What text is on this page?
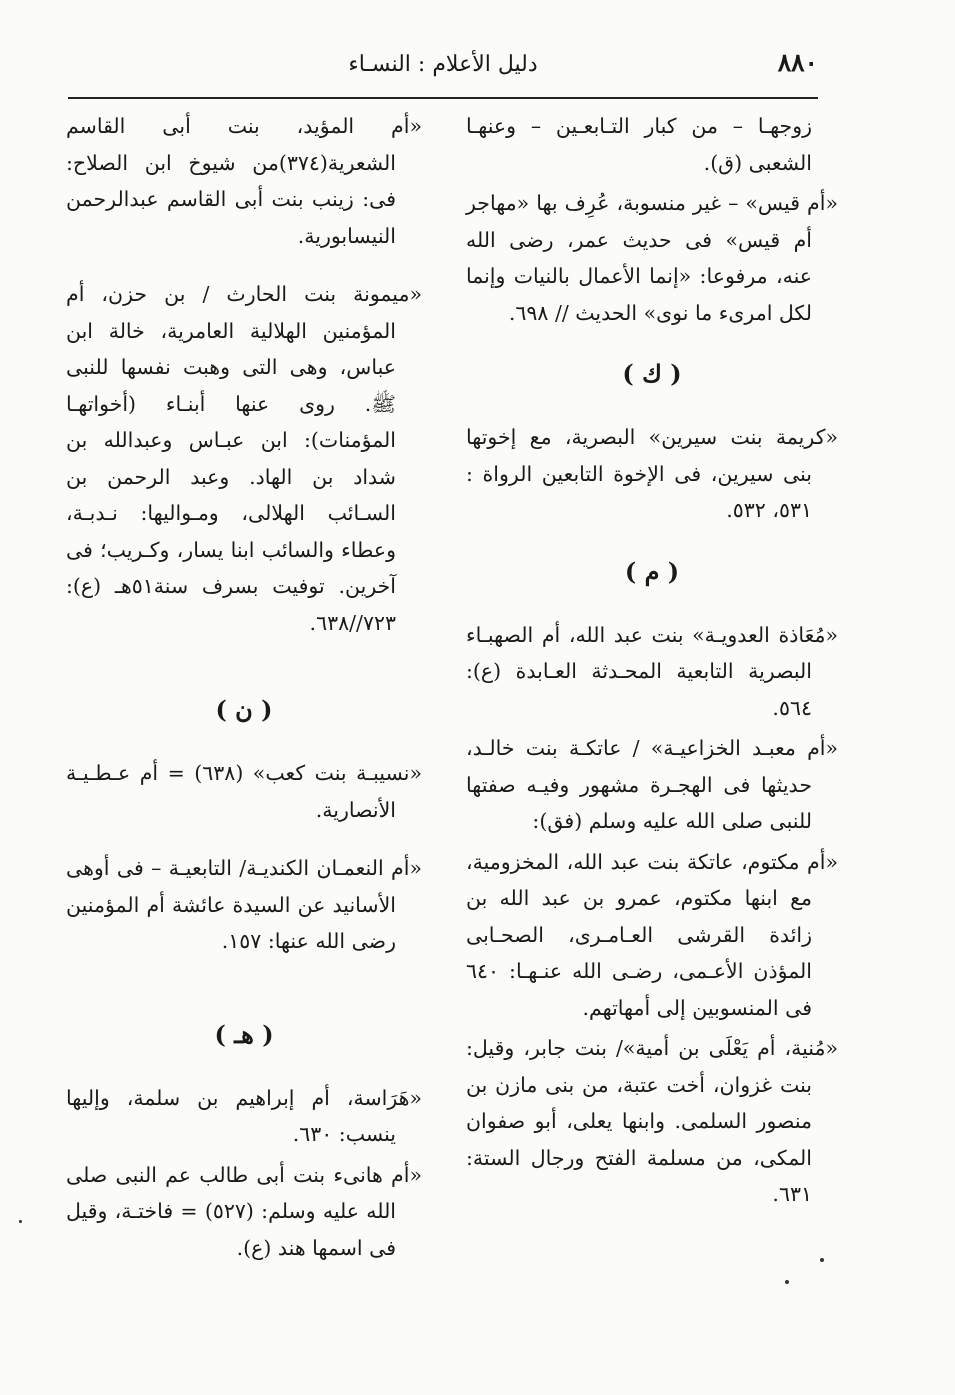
٨٨٠
دليل الأعلام : النسـاء

زوجهـا – من كبار التـابعـين – وعنهـا الشعبى (ق).

«أم قيس» – غير منسوبة، عُرِف بها «مهاجر أم قيس» فى حديث عمر، رضى الله عنه، مرفوعا: «إنما الأعمال بالنيات وإنما لكل امرىء ما نوى» الحديث // ٦٩٨.

( ك )

«كريمة بنت سيرين» البصرية، مع إخوتها بنى سيرين، فى الإخوة التابعين الرواة : ٥٣١، ٥٣٢.

( م )

«مُعَاذة العدويـة» بنت عبد الله، أم الصهبـاء البصرية التابعية المحـدثة العـابدة (ع): ٥٦٤.

«أم معبـد الخزاعيـة» / عاتكـة بنت خالـد، حديثها فى الهجـرة مشهور وفيـه صفتها للنبى صلى الله عليه وسلم (فق):

«أم مكتوم، عاتكة بنت عبد الله، المخزومية، مع ابنها مكتوم، عمرو بن عبد الله بن زائدة القرشى العـامـرى، الصحـابى المؤذن الأعـمى، رضـى الله عنـهـا: ٦٤٠ فى المنسوبين إلى أمهاتهم.

«مُنية، أم يَعْلَى بن أمية»/ بنت جابر، وقيل: بنت غزوان، أخت عتبة، من بنى مازن بن منصور السلمى. وابنها يعلى، أبو صفوان المكى، من مسلمة الفتح ورجال الستة: ٦٣١.

«أم المؤيد، بنت أبى القاسم الشعرية(٣٧٤)من شيوخ ابن الصلاح: فى: زينب بنت أبى القاسم عبدالرحمن النيسابورية.

«ميمونة بنت الحارث / بن حزن، أم المؤمنين الهلالية العامرية، خالة ابن عباس، وهى التى وهبت نفسها للنبى ﷺ. روى عنها أبنـاء (أخواتهـا المؤمنات): ابن عبـاس وعبدالله بن شداد بن الهاد. وعبد الرحمن بن السـائب الهلالى، ومـواليها: نـدبـة، وعطاء والسائب ابنا يسار، وكـريب؛ فى آخرين. توفيت بسرف سنة٥١هـ (ع): ٧٢٣//٦٣٨.

( ن )

«نسيبـة بنت كعب» (٦٣٨) = أم عـطـيـة الأنصارية.

«أم النعمـان الكنديـة/ التابعيـة – فى أوهى الأسانيد عن السيدة عائشة أم المؤمنين رضى الله عنها: ١٥٧.

( هـ )

«هَرَاسة، أم إبراهيم بن سلمة، وإليها ينسب: ٦٣٠.

«أم هانىء بنت أبى طالب عم النبى صلى الله عليه وسلم: (٥٢٧) = فاختـة، وقيل فى اسمها هند (ع).
